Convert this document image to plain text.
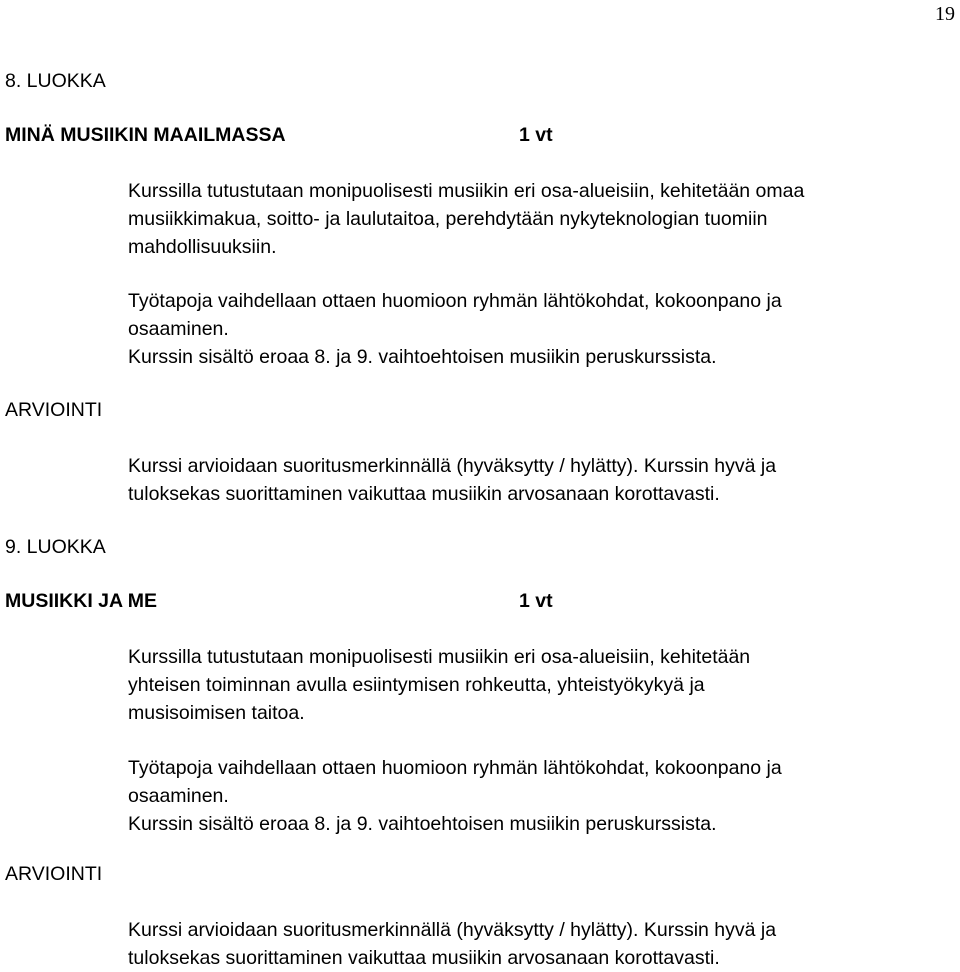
19
8. LUOKKA
MINÄ MUSIIKIN MAAILMASSA	1 vt
Kurssilla tutustutaan monipuolisesti musiikin eri osa-alueisiin, kehitetään omaa
musiikkimakua, soitto- ja laulutaitoa, perehdytään nykyteknologian tuomiin
mahdollisuuksiin.
Työtapoja vaihdellaan ottaen huomioon ryhmän lähtökohdat, kokoonpano ja
osaaminen.
Kurssin sisältö eroaa 8. ja 9. vaihtoehtoisen musiikin peruskurssista.
ARVIOINTI
Kurssi arvioidaan suoritusmerkinnällä (hyväksytty / hylätty). Kurssin hyvä ja
tuloksekas suorittaminen vaikuttaa musiikin arvosanaan korottavasti.
9. LUOKKA
MUSIIKKI JA ME	1 vt
Kurssilla tutustutaan monipuolisesti musiikin eri osa-alueisiin, kehitetään
yhteisen toiminnan avulla esiintymisen rohkeutta, yhteistyökykyä ja
musisoimisen taitoa.
Työtapoja vaihdellaan ottaen huomioon ryhmän lähtökohdat, kokoonpano ja
osaaminen.
Kurssin sisältö eroaa 8. ja 9. vaihtoehtoisen musiikin peruskurssista.
ARVIOINTI
Kurssi arvioidaan suoritusmerkinnällä (hyväksytty / hylätty). Kurssin hyvä ja
tuloksekas suorittaminen vaikuttaa musiikin arvosanaan korottavasti.
